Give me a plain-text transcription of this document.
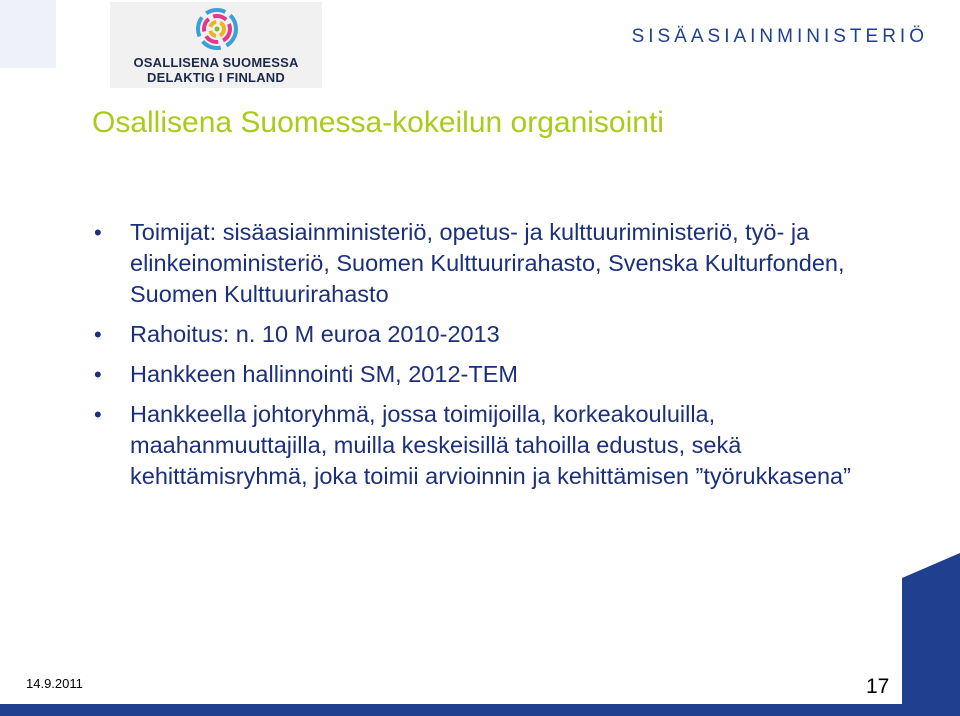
OSALLISENA SUOMESSA
DELAKTIG I FINLAND
SISÄASIAINMINISTERIÖ
Osallisena Suomessa-kokeilun organisointi
• Toimijat: sisäasiainministeriö, opetus- ja kulttuuriministeriö, työ- ja elinkeinoministeriö, Suomen Kulttuurirahasto, Svenska Kulturfonden, Suomen Kulttuurirahasto
• Rahoitus: n. 10 M euroa 2010-2013
• Hankkeen hallinnointi SM, 2012-TEM
• Hankkeella johtoryhmä, jossa toimijoilla, korkeakouluilla, maahanmuuttajilla, muilla keskeisillä tahoilla edustus, sekä kehittämisryhmä, joka toimii arvioinnin ja kehittämisen ”työrukkasena”
14.9.2011	17
